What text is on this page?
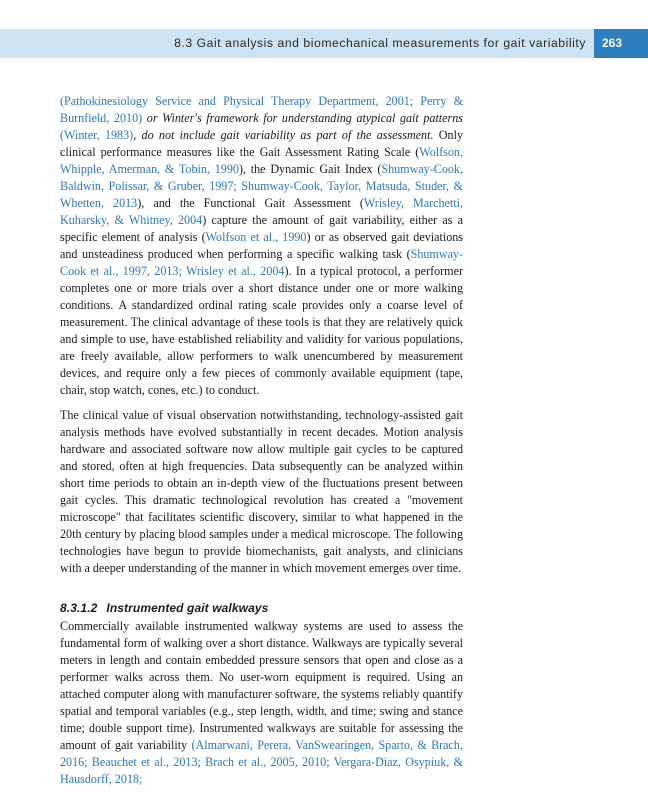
8.3 Gait analysis and biomechanical measurements for gait variability	263

(Pathokinesiology Service and Physical Therapy Department, 2001; Perry & Burnfield, 2010) or Winter's framework for understanding atypical gait patterns (Winter, 1983), do not include gait variability as part of the assessment. Only clinical performance measures like the Gait Assessment Rating Scale (Wolfson, Whipple, Amerman, & Tobin, 1990), the Dynamic Gait Index (Shumway-Cook, Baldwin, Polissar, & Gruber, 1997; Shumway-Cook, Taylor, Matsuda, Studer, & Whetten, 2013), and the Functional Gait Assessment (Wrisley, Marchetti, Kuharsky, & Whitney, 2004) capture the amount of gait variability, either as a specific element of analysis (Wolfson et al., 1990) or as observed gait deviations and unsteadiness produced when performing a specific walking task (Shumway-Cook et al., 1997, 2013; Wrisley et al., 2004). In a typical protocol, a performer completes one or more trials over a short distance under one or more walking conditions. A standardized ordinal rating scale provides only a coarse level of measurement. The clinical advantage of these tools is that they are relatively quick and simple to use, have established reliability and validity for various populations, are freely available, allow performers to walk unencumbered by measurement devices, and require only a few pieces of commonly available equipment (tape, chair, stop watch, cones, etc.) to conduct.

The clinical value of visual observation notwithstanding, technology-assisted gait analysis methods have evolved substantially in recent decades. Motion analysis hardware and associated software now allow multiple gait cycles to be captured and stored, often at high frequencies. Data subsequently can be analyzed within short time periods to obtain an in-depth view of the fluctuations present between gait cycles. This dramatic technological revolution has created a "movement microscope" that facilitates scientific discovery, similar to what happened in the 20th century by placing blood samples under a medical microscope. The following technologies have begun to provide biomechanists, gait analysts, and clinicians with a deeper understanding of the manner in which movement emerges over time.

8.3.1.2 Instrumented gait walkways

Commercially available instrumented walkway systems are used to assess the fundamental form of walking over a short distance. Walkways are typically several meters in length and contain embedded pressure sensors that open and close as a performer walks across them. No user-worn equipment is required. Using an attached computer along with manufacturer software, the systems reliably quantify spatial and temporal variables (e.g., step length, width, and time; swing and stance time; double support time). Instrumented walkways are suitable for assessing the amount of gait variability (Almarwani, Perera, VanSwearingen, Sparto, & Brach, 2016; Beauchet et al., 2013; Brach et al., 2005, 2010; Vergara-Diaz, Osypiuk, & Hausdorff, 2018;
